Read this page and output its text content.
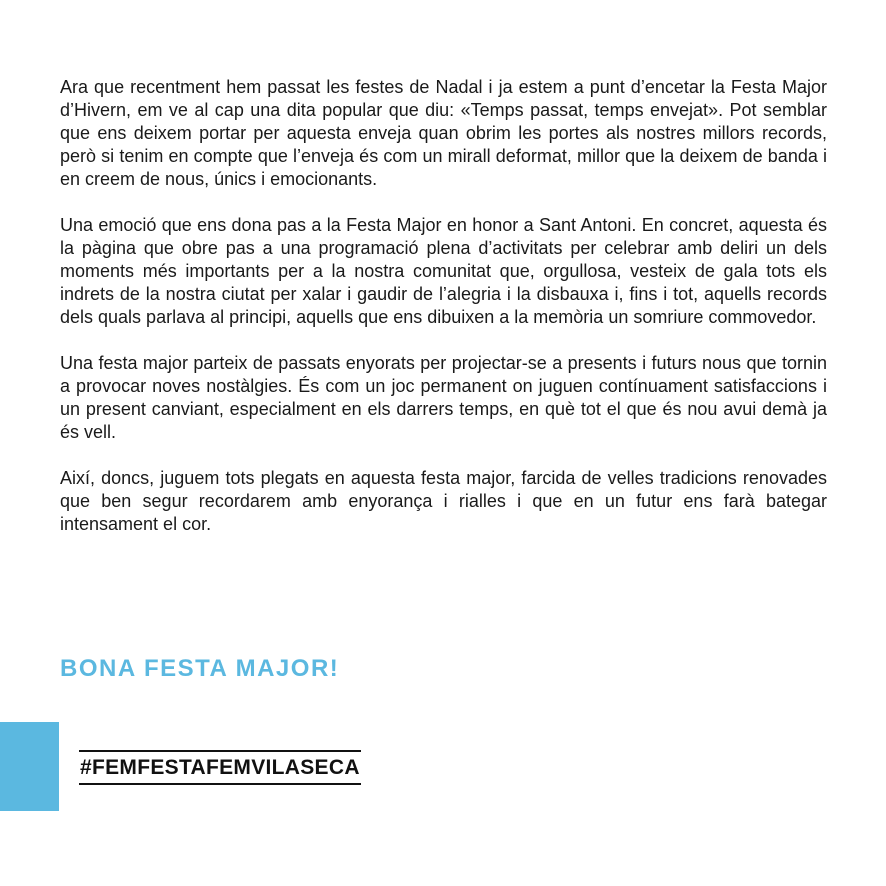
Ara que recentment hem passat les festes de Nadal i ja estem a punt d’encetar la Festa Major d’Hivern, em ve al cap una dita popular que diu: «Temps passat, temps envejat». Pot semblar que ens deixem portar per aquesta enveja quan obrim les portes als nostres millors records, però si tenim en compte que l’enveja és com un mirall deformat, millor que la deixem de banda i en creem de nous, únics i emocionants.

Una emoció que ens dona pas a la Festa Major en honor a Sant Antoni. En concret, aquesta és la pàgina que obre pas a una programació plena d’activitats per celebrar amb deliri un dels moments més importants per a la nostra comunitat que, orgullosa, vesteix de gala tots els indrets de la nostra ciutat per xalar i gaudir de l’alegria i la disbauxa i, fins i tot, aquells records dels quals parlava al principi, aquells que ens dibuixen a la memòria un somriure commovedor.

Una festa major parteix de passats enyorats per projectar-se a presents i futurs nous que tornin a provocar noves nostàlgies. És com un joc permanent on juguen contínuament satisfaccions i un present canviant, especialment en els darrers temps, en què tot el que és nou avui demà ja és vell.

Així, doncs, juguem tots plegats en aquesta festa major, farcida de velles tradicions renovades que ben segur recordarem amb enyorança i rialles i que en un futur ens farà bategar intensament el cor.

BONA FESTA MAJOR!
#FEMFESTAFEMVILASECA
